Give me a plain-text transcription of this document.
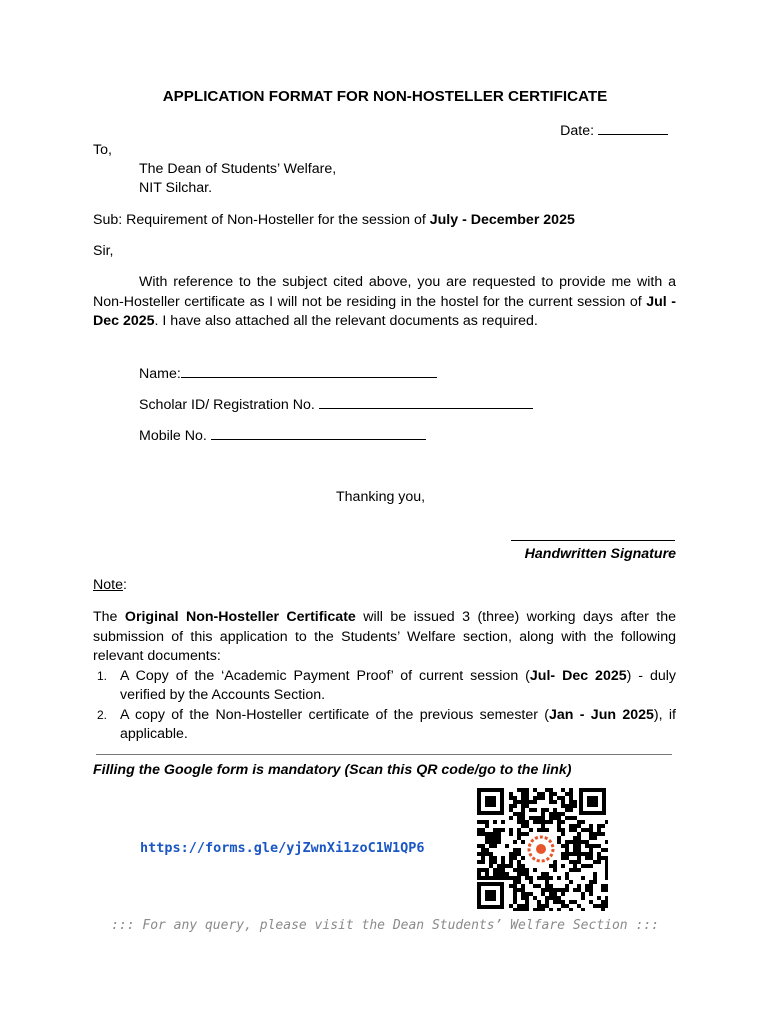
APPLICATION FORMAT FOR NON-HOSTELLER CERTIFICATE
Date:
To,
The Dean of Students’ Welfare,
NIT Silchar.
Sub: Requirement of Non-Hosteller for the session of July - December 2025
Sir,
With reference to the subject cited above, you are requested to provide me with a Non-Hosteller certificate as I will not be residing in the hostel for the current session of Jul - Dec 2025. I have also attached all the relevant documents as required.
Name:
Scholar ID/ Registration No.
Mobile No.
Thanking you,
Handwritten Signature
Note:
The Original Non-Hosteller Certificate will be issued 3 (three) working days after the submission of this application to the Students’ Welfare section, along with the following relevant documents:
1. A Copy of the ‘Academic Payment Proof’ of current session (Jul- Dec 2025) - duly verified by the Accounts Section.
2. A copy of the Non-Hosteller certificate of the previous semester (Jan - Jun 2025), if applicable.
Filling the Google form is mandatory (Scan this QR code/go to the link)
https://forms.gle/yjZwnXi1zoC1W1QP6
::: For any query, please visit the Dean Students’ Welfare Section :::
